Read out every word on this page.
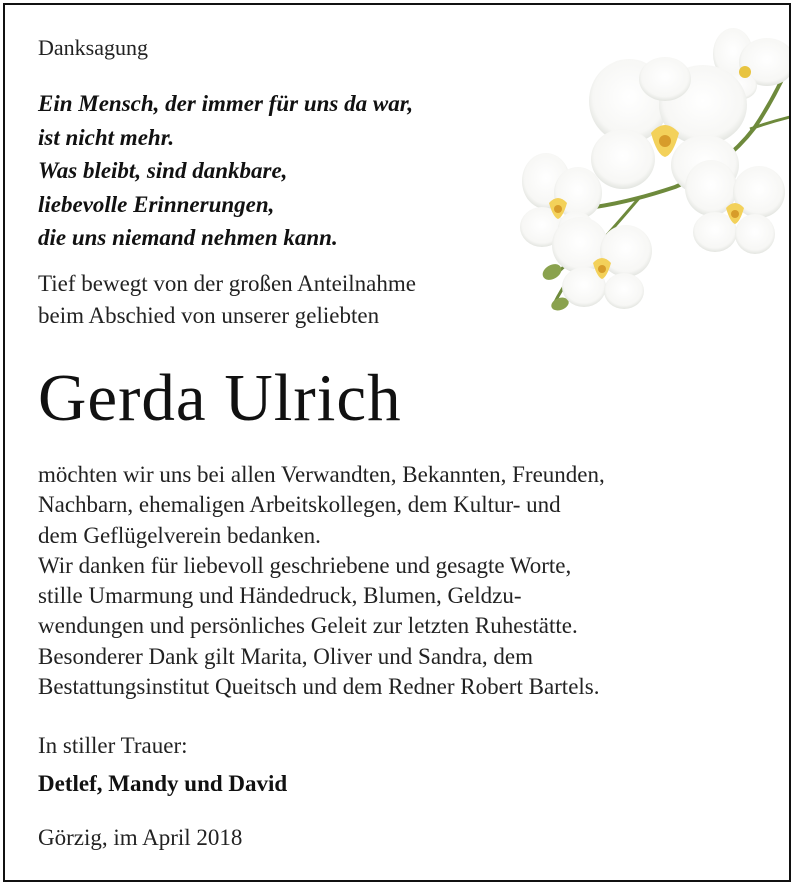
Danksagung
Ein Mensch, der immer für uns da war,
ist nicht mehr.
Was bleibt, sind dankbare,
liebevolle Erinnerungen,
die uns niemand nehmen kann.
Tief bewegt von der großen Anteilnahme
beim Abschied von unserer geliebten
Gerda Ulrich
möchten wir uns bei allen Verwandten, Bekannten, Freunden,
Nachbarn, ehemaligen Arbeitskollegen, dem Kultur- und
dem Geflügelverein bedanken.
Wir danken für liebevoll geschriebene und gesagte Worte,
stille Umarmung und Händedruck, Blumen, Geldzu-
wendungen und persönliches Geleit zur letzten Ruhestätte.
Besonderer Dank gilt Marita, Oliver und Sandra, dem
Bestattungsinstitut Queitsch und dem Redner Robert Bartels.
In stiller Trauer:
Detlef, Mandy und David
Görzig, im April 2018
